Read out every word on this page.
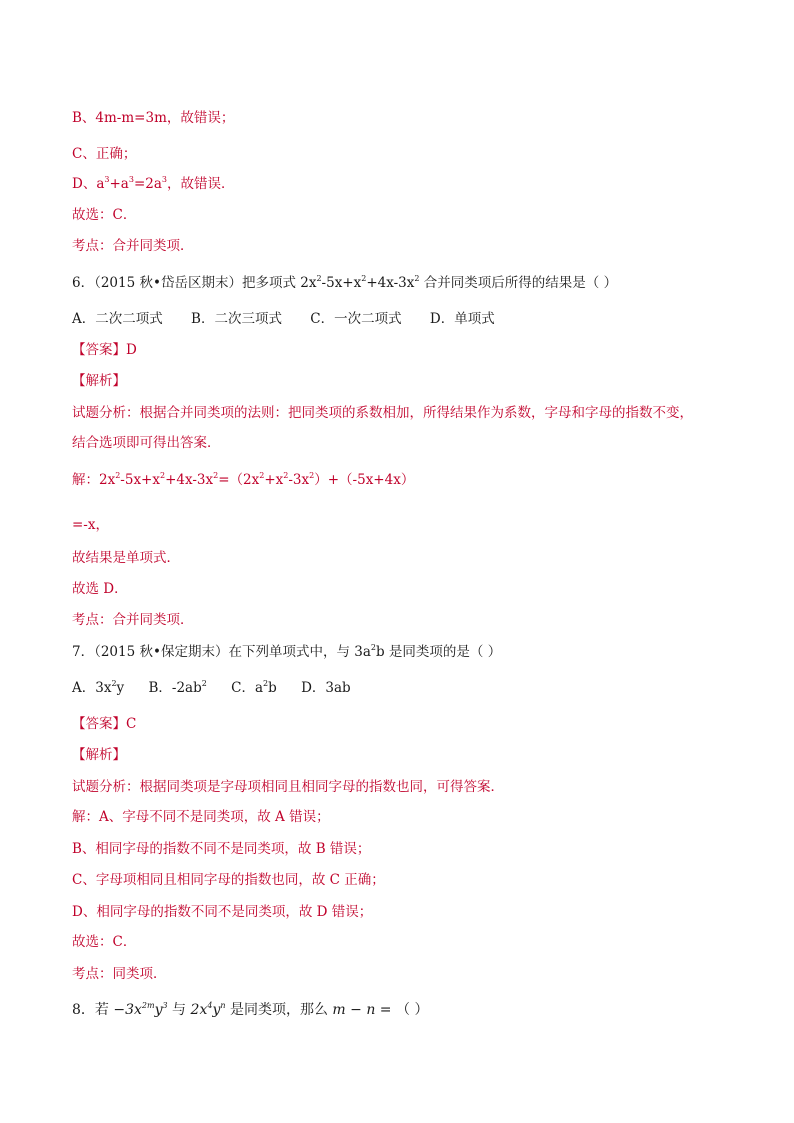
B、4m-m=3m，故错误；
C、正确；
D、$a^3+a^3=2a^3$，故错误．
故选：C．
考点：合并同类项．
6．（2015 秋•岱岳区期末）把多项式 $2x^2-5x+x^2+4x-3x^2$ 合并同类项后所得的结果是（ ）
A．二次二项式 B．二次三项式 C．一次二项式 D．单项式
【答案】D
【解析】
试题分析：根据合并同类项的法则：把同类项的系数相加，所得结果作为系数，字母和字母的指数不变，
结合选项即可得出答案．
解：$2x^2-5x+x^2+4x-3x^2=(2x^2+x^2-3x^2)+(-5x+4x)$
=-x，
故结果是单项式．
故选 D．
考点：合并同类项．
7．（2015 秋•保定期末）在下列单项式中，与 $3a^2b$ 是同类项的是（ ）
A．$3x^2y$ B．$-2ab^2$ C．$a^2b$ D．3ab
【答案】C
【解析】
试题分析：根据同类项是字母项相同且相同字母的指数也同，可得答案．
解：A、字母不同不是同类项，故 A 错误；
B、相同字母的指数不同不是同类项，故 B 错误；
C、字母项相同且相同字母的指数也同，故 C 正确；
D、相同字母的指数不同不是同类项，故 D 错误；
故选：C．
考点：同类项．
8．若 $-3x^{2m}y^3$ 与 $2x^4y^n$ 是同类项，那么 m − n = （ ）
